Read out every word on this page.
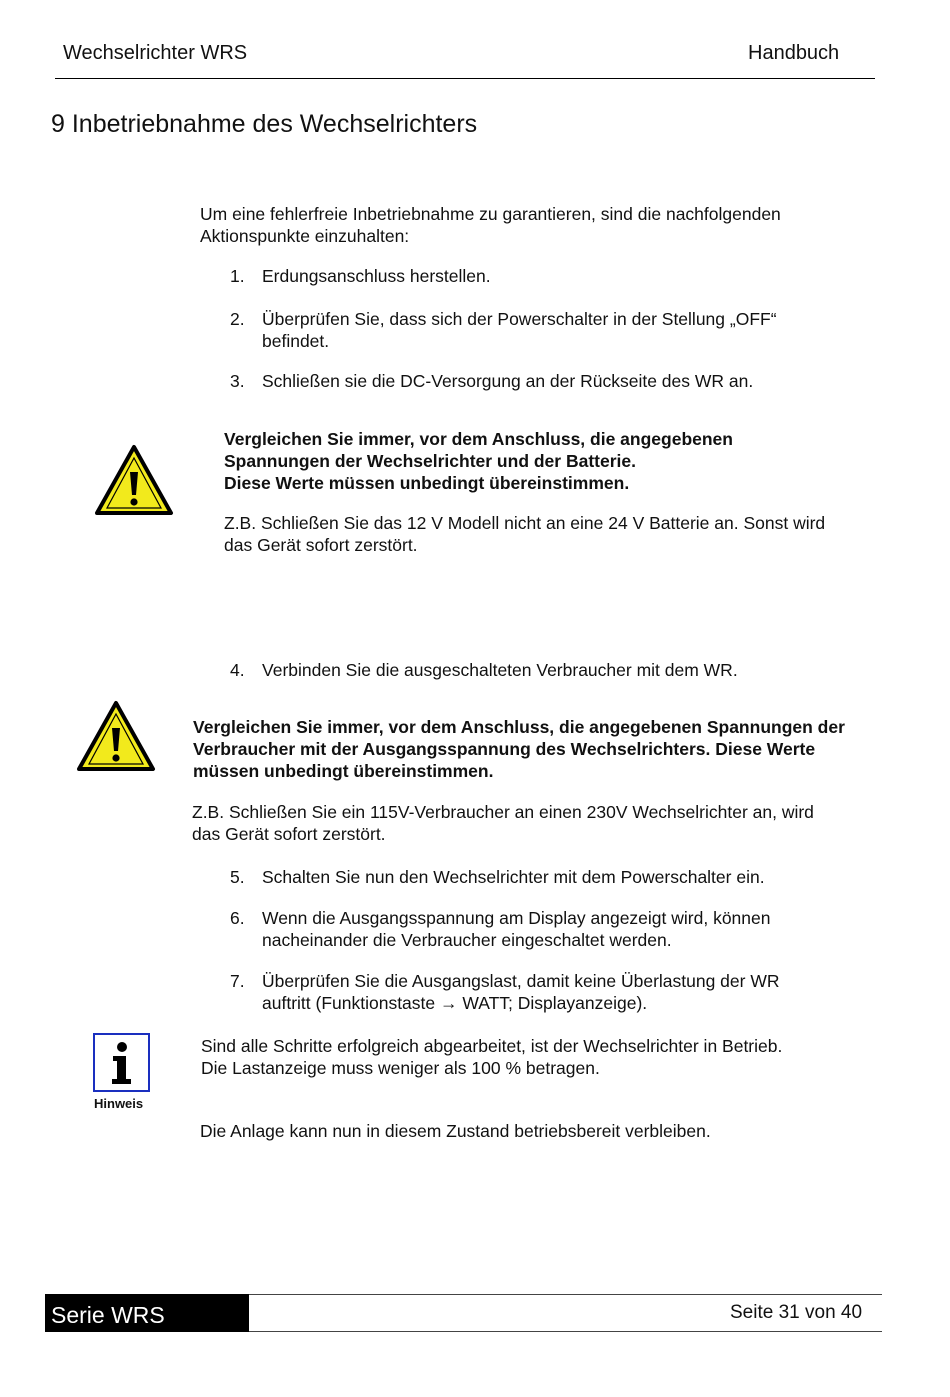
Wechselrichter WRS	Handbuch
9 Inbetriebnahme des Wechselrichters
Um eine fehlerfreie Inbetriebnahme zu garantieren, sind die nachfolgenden
Aktionspunkte einzuhalten:
1. Erdungsanschluss herstellen.
2. Überprüfen Sie, dass sich der Powerschalter in der Stellung „OFF“
befindet.
3. Schließen sie die DC-Versorgung an der Rückseite des WR an.
Vergleichen Sie immer, vor dem Anschluss, die angegebenen
Spannungen der Wechselrichter und der Batterie.
Diese Werte müssen unbedingt übereinstimmen.
Z.B. Schließen Sie das 12 V Modell nicht an eine 24 V Batterie an. Sonst wird
das Gerät sofort zerstört.
4. Verbinden Sie die ausgeschalteten Verbraucher mit dem WR.
Vergleichen Sie immer, vor dem Anschluss, die angegebenen Spannungen der
Verbraucher mit der Ausgangsspannung des Wechselrichters. Diese Werte
müssen unbedingt übereinstimmen.
Z.B. Schließen Sie ein 115V-Verbraucher an einen 230V Wechselrichter an, wird
das Gerät sofort zerstört.
5. Schalten Sie nun den Wechselrichter mit dem Powerschalter ein.
6. Wenn die Ausgangsspannung am Display angezeigt wird, können
nacheinander die Verbraucher eingeschaltet werden.
7. Überprüfen Sie die Ausgangslast, damit keine Überlastung der WR
auftritt (Funktionstaste → WATT; Displayanzeige).
Hinweis
Sind alle Schritte erfolgreich abgearbeitet, ist der Wechselrichter in Betrieb.
Die Lastanzeige muss weniger als 100 % betragen.
Die Anlage kann nun in diesem Zustand betriebsbereit verbleiben.
Serie WRS	Seite 31 von 40
